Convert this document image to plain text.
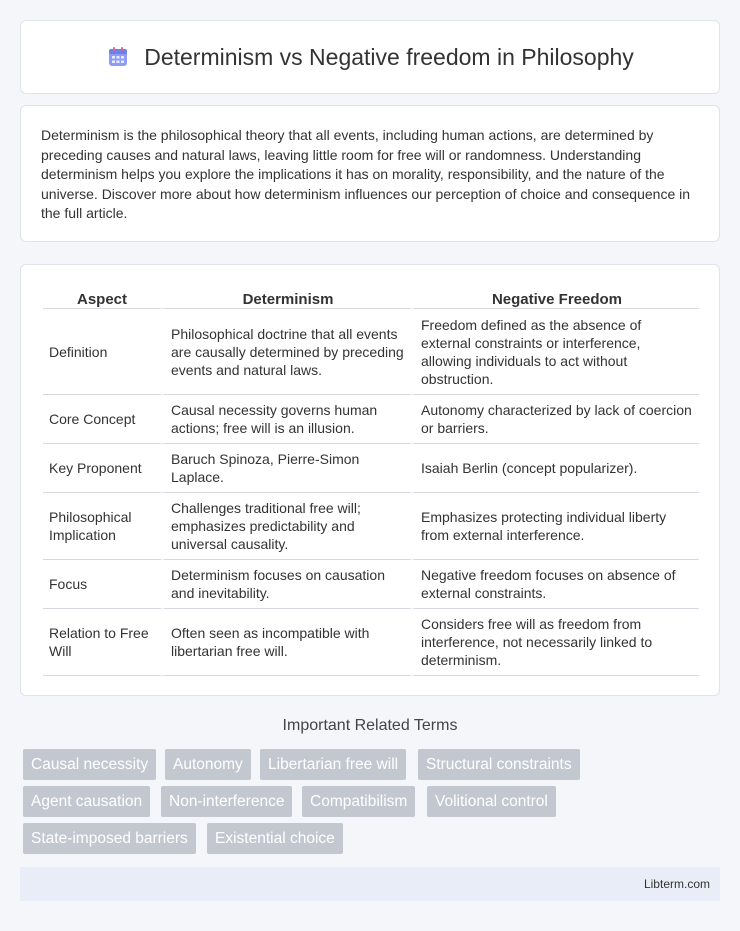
Determinism vs Negative freedom in Philosophy

Determinism is the philosophical theory that all events, including human actions, are determined by preceding causes and natural laws, leaving little room for free will or randomness. Understanding determinism helps you explore the implications it has on morality, responsibility, and the nature of the universe. Discover more about how determinism influences our perception of choice and consequence in the full article.

Aspect	Determinism	Negative Freedom
Definition	Philosophical doctrine that all events are causally determined by preceding events and natural laws.	Freedom defined as the absence of external constraints or interference, allowing individuals to act without obstruction.
Core Concept	Causal necessity governs human actions; free will is an illusion.	Autonomy characterized by lack of coercion or barriers.
Key Proponent	Baruch Spinoza, Pierre-Simon Laplace.	Isaiah Berlin (concept popularizer).
Philosophical Implication	Challenges traditional free will; emphasizes predictability and universal causality.	Emphasizes protecting individual liberty from external interference.
Focus	Determinism focuses on causation and inevitability.	Negative freedom focuses on absence of external constraints.
Relation to Free Will	Often seen as incompatible with libertarian free will.	Considers free will as freedom from interference, not necessarily linked to determinism.
Important Related Terms
Causal necessity	Autonomy	Libertarian free will	Structural constraints
Agent causation	Non-interference	Compatibilism	Volitional control
State-imposed barriers	Existential choice
Libterm.com
